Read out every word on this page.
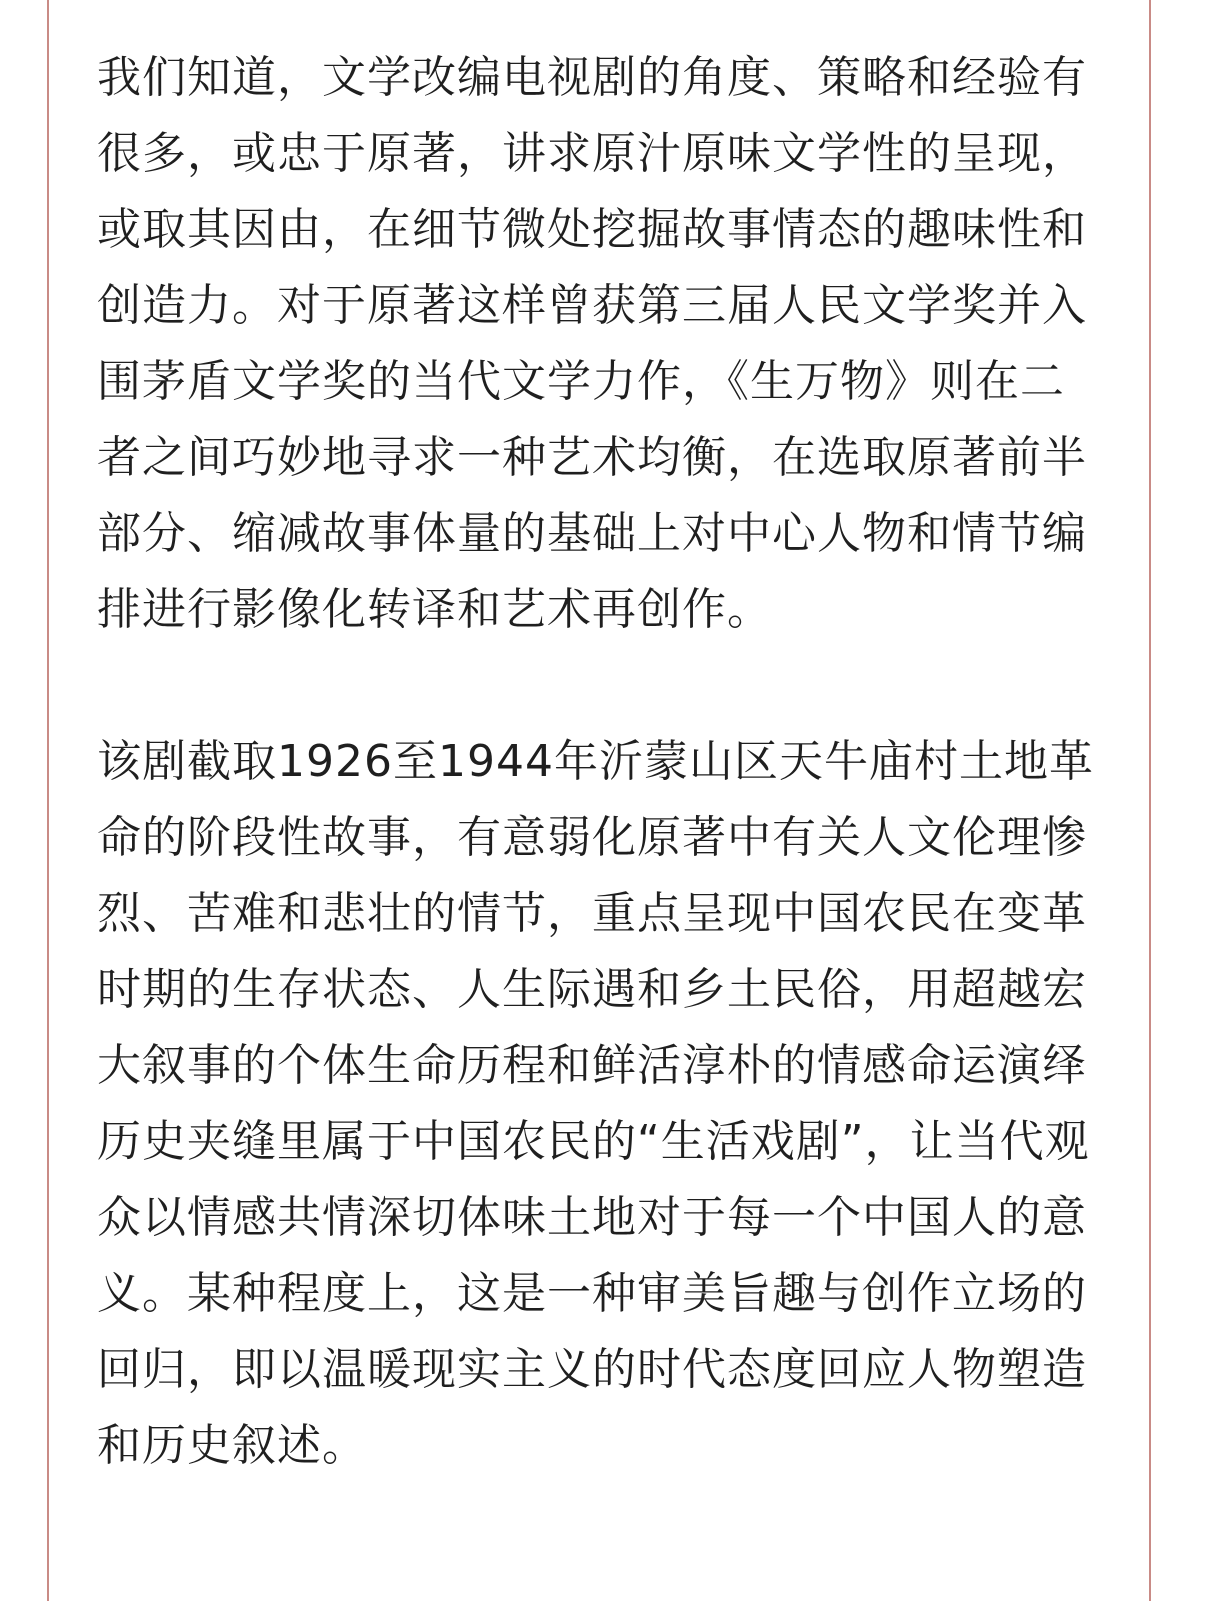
我们知道，文学改编电视剧的角度、策略和经验有很多，或忠于原著，讲求原汁原味文学性的呈现，或取其因由，在细节微处挖掘故事情态的趣味性和创造力。对于原著这样曾获第三届人民文学奖并入围茅盾文学奖的当代文学力作，《生万物》则在二者之间巧妙地寻求一种艺术均衡，在选取原著前半部分、缩减故事体量的基础上对中心人物和情节编排进行影像化转译和艺术再创作。

该剧截取1926至1944年沂蒙山区天牛庙村土地革命的阶段性故事，有意弱化原著中有关人文伦理惨烈、苦难和悲壮的情节，重点呈现中国农民在变革时期的生存状态、人生际遇和乡土民俗，用超越宏大叙事的个体生命历程和鲜活淳朴的情感命运演绎历史夹缝里属于中国农民的“生活戏剧”，让当代观众以情感共情深切体味土地对于每一个中国人的意义。某种程度上，这是一种审美旨趣与创作立场的回归，即以温暖现实主义的时代态度回应人物塑造和历史叙述。
